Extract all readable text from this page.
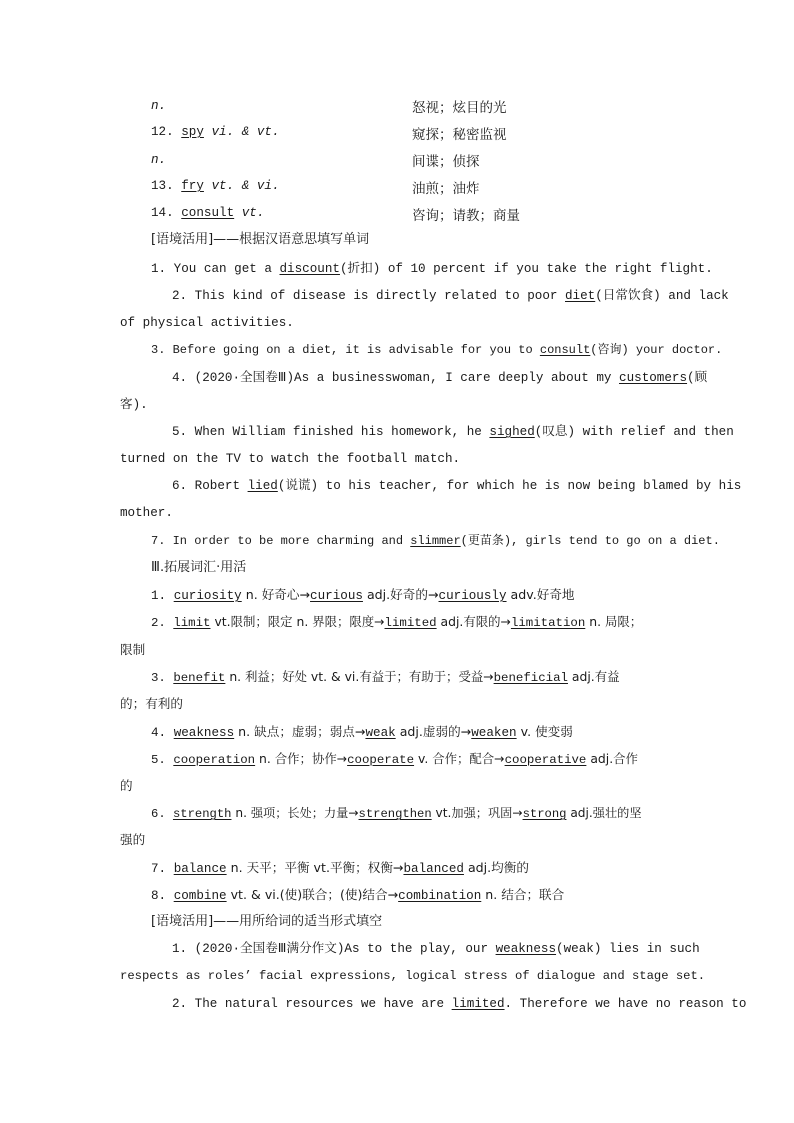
n.	怒视；炫目的光
12. spy vi. & vt.	窥探；秘密监视
n.	间谍；侦探
13. fry vt. & vi.	油煎；油炸
14. consult vt.	咨询；请教；商量
[语境活用]——根据汉语意思填写单词
1. You can get a discount(折扣) of 10 percent if you take the right flight.
2. This kind of disease is directly related to poor diet(日常饮食) and lack
of physical activities.
3. Before going on a diet, it is advisable for you to consult(咨询) your doctor.
4. (2020·全国卷Ⅲ)As a businesswoman, I care deeply about my customers(顾
客).
5. When William finished his homework, he sighed(叹息) with relief and then
turned on the TV to watch the football match.
6. Robert lied(说谎) to his teacher, for which he is now being blamed by his
mother.
7. In order to be more charming and slimmer(更苗条), girls tend to go on a diet.
Ⅲ.拓展词汇·用活
1. curiosity n. 好奇心→curious adj.好奇的→curiously adv.好奇地
2. limit vt.限制；限定 n. 界限；限度→limited adj.有限的→limitation n. 局限；
限制
3. benefit n. 利益；好处 vt. & vi.有益于；有助于；受益→beneficial adj.有益
的；有利的
4. weakness n. 缺点；虚弱；弱点→weak adj.虚弱的→weaken v. 使变弱
5. cooperation n. 合作；协作→cooperate v. 合作；配合→cooperative adj.合作
的
6. strength n. 强项；长处；力量→strengthen vt.加强；巩固→strong adj.强壮的坚
强的
7. balance n. 天平；平衡 vt.平衡；权衡→balanced adj.均衡的
8. combine vt. & vi.(使)联合；(使)结合→combination n. 结合；联合
[语境活用]——用所给词的适当形式填空
1. (2020·全国卷Ⅲ满分作文)As to the play, our weakness(weak) lies in such
respects as roles’ facial expressions, logical stress of dialogue and stage set.
2. The natural resources we have are limited. Therefore we have no reason to
